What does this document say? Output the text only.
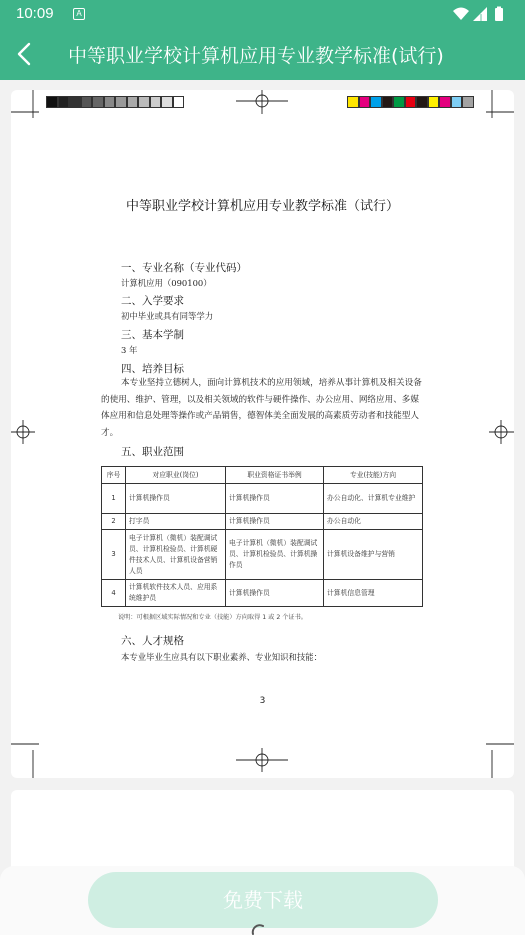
10:09	A
中等职业学校计算机应用专业教学标准(试行)
中等职业学校计算机应用专业教学标准（试行）
一、专业名称（专业代码）
计算机应用（090100）
二、入学要求
初中毕业或具有同等学力
三、基本学制
3 年
四、培养目标
本专业坚持立德树人，面向计算机技术的应用领域，培养从事计算机及相关设备的使用、维护、管理，以及相关领域的软件与硬件操作、办公应用、网络应用、多媒体应用和信息处理等操作或产品销售，德智体美全面发展的高素质劳动者和技能型人才。
五、职业范围
序号	对应职业(岗位)	职业资格证书举例	专业(技能)方向
1	计算机操作员	计算机操作员	办公自动化、计算机专业维护
2	打字员	计算机操作员	办公自动化
3	电子计算机（微机）装配调试员、计算机检验员、计算机硬件技术人员、计算机设备营销人员	电子计算机（微机）装配调试员、计算机检验员、计算机操作员	计算机设备维护与营销
4	计算机软件技术人员、应用系统维护员	计算机操作员	计算机信息管理
说明：可根据区域实际情况和专业（技能）方向取得 1 或 2 个证书。
六、人才规格
本专业毕业生应具有以下职业素养、专业知识和技能：
3
免费下载
